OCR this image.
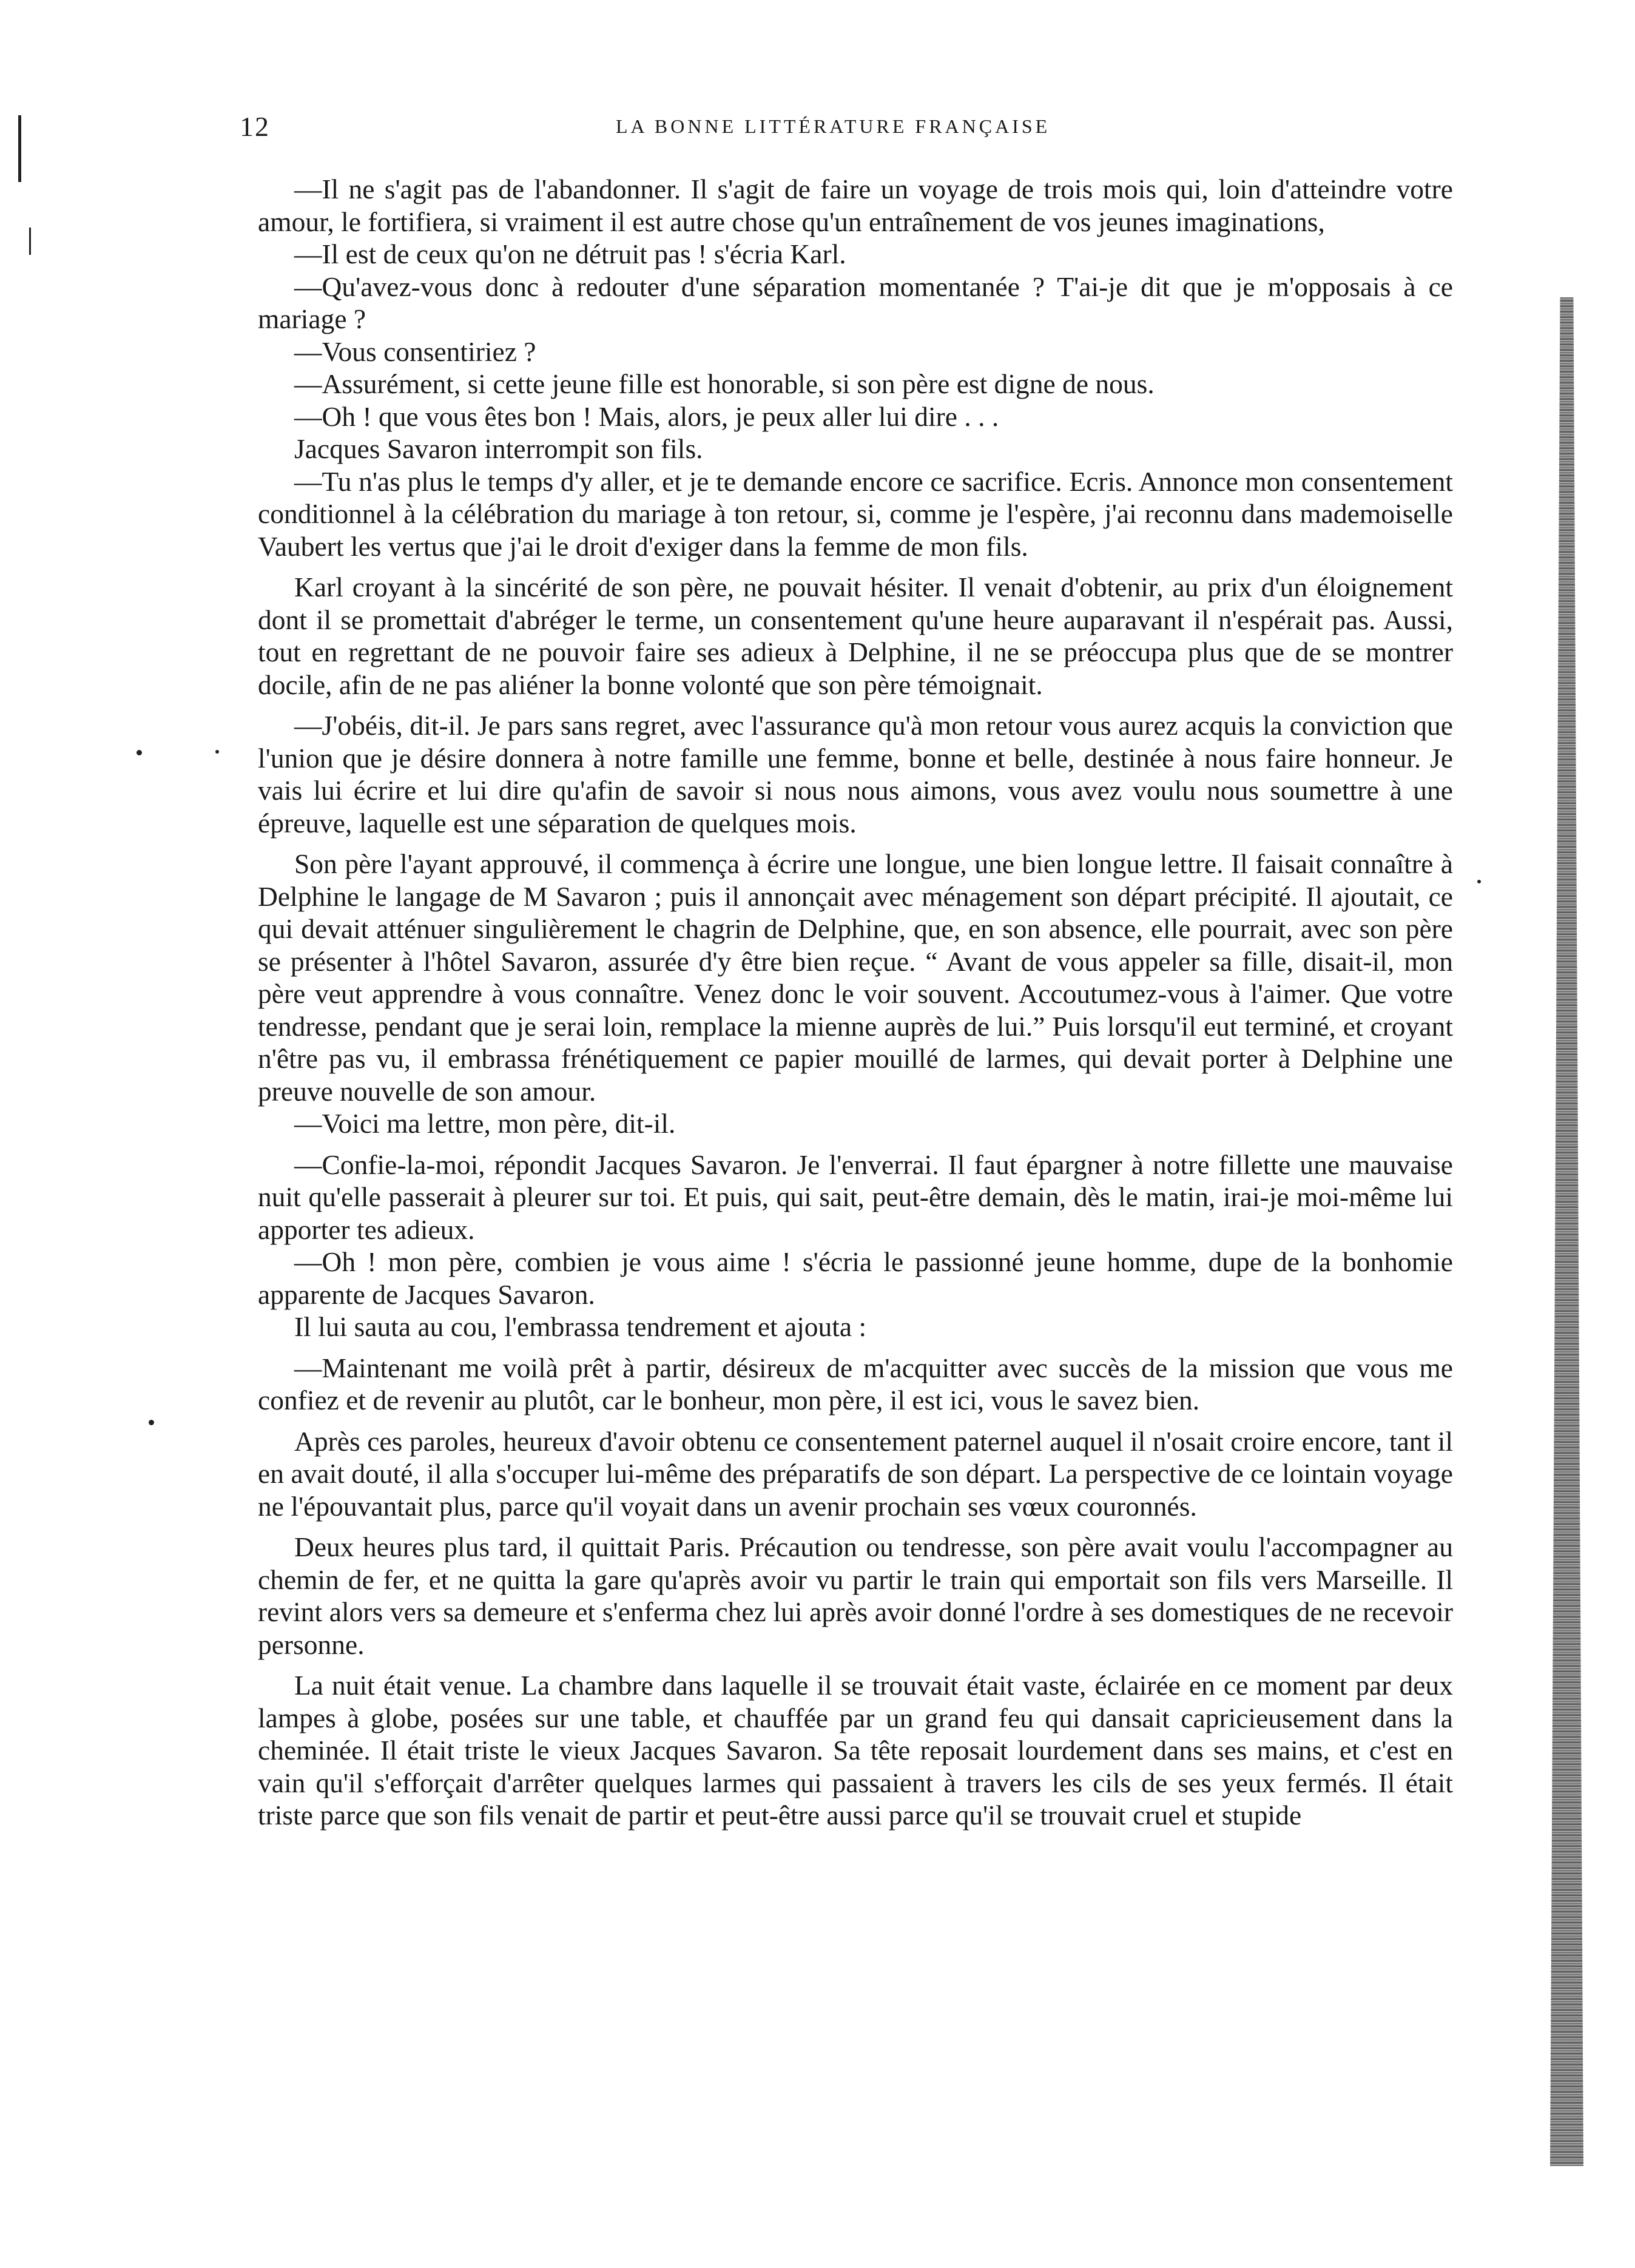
12	LA BONNE LITTÉRATURE FRANÇAISE

—Il ne s'agit pas de l'abandonner. Il s'agit de faire un voyage de trois mois qui, loin d'atteindre votre amour, le fortifiera, si vraiment il est autre chose qu'un entraînement de vos jeunes imaginations,

—Il est de ceux qu'on ne détruit pas ! s'écria Karl.

—Qu'avez-vous donc à redouter d'une séparation momentanée ? T'ai-je dit que je m'opposais à ce mariage ?

—Vous consentiriez ?

—Assurément, si cette jeune fille est honorable, si son père est digne de nous.

—Oh ! que vous êtes bon ! Mais, alors, je peux aller lui dire . . .

Jacques Savaron interrompit son fils.

—Tu n'as plus le temps d'y aller, et je te demande encore ce sacrifice. Ecris. Annonce mon consentement conditionnel à la célébration du mariage à ton retour, si, comme je l'espère, j'ai reconnu dans mademoiselle Vaubert les vertus que j'ai le droit d'exiger dans la femme de mon fils.

Karl croyant à la sincérité de son père, ne pouvait hésiter. Il venait d'obtenir, au prix d'un éloignement dont il se promettait d'abréger le terme, un consentement qu'une heure auparavant il n'espérait pas. Aussi, tout en regrettant de ne pouvoir faire ses adieux à Delphine, il ne se préoccupa plus que de se montrer docile, afin de ne pas aliéner la bonne volonté que son père témoignait.

—J'obéis, dit-il. Je pars sans regret, avec l'assurance qu'à mon retour vous aurez acquis la conviction que l'union que je désire donnera à notre famille une femme, bonne et belle, destinée à nous faire honneur. Je vais lui écrire et lui dire qu'afin de savoir si nous nous aimons, vous avez voulu nous soumettre à une épreuve, laquelle est une séparation de quelques mois.

Son père l'ayant approuvé, il commença à écrire une longue, une bien longue lettre. Il faisait connaître à Delphine le langage de M Savaron ; puis il annonçait avec ménagement son départ précipité. Il ajoutait, ce qui devait atténuer singulièrement le chagrin de Delphine, que, en son absence, elle pourrait, avec son père se présenter à l'hôtel Savaron, assurée d'y être bien reçue. “ Avant de vous appeler sa fille, disait-il, mon père veut apprendre à vous connaître. Venez donc le voir souvent. Accoutumez-vous à l'aimer. Que votre tendresse, pendant que je serai loin, remplace la mienne auprès de lui.” Puis lorsqu'il eut terminé, et croyant n'être pas vu, il embrassa frénétiquement ce papier mouillé de larmes, qui devait porter à Delphine une preuve nouvelle de son amour.

—Voici ma lettre, mon père, dit-il.

—Confie-la-moi, répondit Jacques Savaron. Je l'enverrai. Il faut épargner à notre fillette une mauvaise nuit qu'elle passerait à pleurer sur toi. Et puis, qui sait, peut-être demain, dès le matin, irai-je moi-même lui apporter tes adieux.

—Oh ! mon père, combien je vous aime ! s'écria le passionné jeune homme, dupe de la bonhomie apparente de Jacques Savaron.

Il lui sauta au cou, l'embrassa tendrement et ajouta :

—Maintenant me voilà prêt à partir, désireux de m'acquitter avec succès de la mission que vous me confiez et de revenir au plutôt, car le bonheur, mon père, il est ici, vous le savez bien.

Après ces paroles, heureux d'avoir obtenu ce consentement paternel auquel il n'osait croire encore, tant il en avait douté, il alla s'occuper lui-même des préparatifs de son départ. La perspective de ce lointain voyage ne l'épouvantait plus, parce qu'il voyait dans un avenir prochain ses vœux couronnés.

Deux heures plus tard, il quittait Paris. Précaution ou tendresse, son père avait voulu l'accompagner au chemin de fer, et ne quitta la gare qu'après avoir vu partir le train qui emportait son fils vers Marseille. Il revint alors vers sa demeure et s'enferma chez lui après avoir donné l'ordre à ses domestiques de ne recevoir personne.

La nuit était venue. La chambre dans laquelle il se trouvait était vaste, éclairée en ce moment par deux lampes à globe, posées sur une table, et chauffée par un grand feu qui dansait capricieusement dans la cheminée. Il était triste le vieux Jacques Savaron. Sa tête reposait lourdement dans ses mains, et c'est en vain qu'il s'efforçait d'arrêter quelques larmes qui passaient à travers les cils de ses yeux fermés. Il était triste parce que son fils venait de partir et peut-être aussi parce qu'il se trouvait cruel et stupide
